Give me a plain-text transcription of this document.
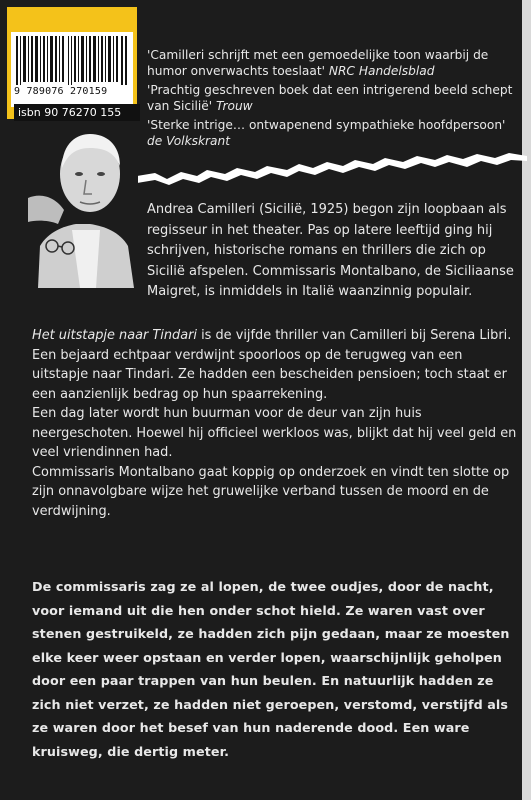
9 789076 270159
isbn 90 76270 155
'Camilleri schrijft met een gemoedelijke toon waarbij de humor onverwachts toeslaat' NRC Handelsblad
'Prachtig geschreven boek dat een intrigerend beeld schept van Sicilië' Trouw
'Sterke intrige… ontwapenend sympathieke hoofdpersoon' de Volkskrant
Andrea Camilleri (Sicilië, 1925) begon zijn loopbaan als regisseur in het theater. Pas op latere leeftijd ging hij schrijven, historische romans en thrillers die zich op Sicilië afspelen. Commissaris Montalbano, de Siciliaanse Maigret, is inmiddels in Italië waanzinnig populair.

Het uitstapje naar Tindari is de vijfde thriller van Camilleri bij Serena Libri.

Een bejaard echtpaar verdwijnt spoorloos op de terugweg van een uitstapje naar Tindari. Ze hadden een bescheiden pensioen; toch staat er een aanzienlijk bedrag op hun spaarrekening.

Een dag later wordt hun buurman voor de deur van zijn huis neergeschoten. Hoewel hij officieel werkloos was, blijkt dat hij veel geld en veel vriendinnen had.

Commissaris Montalbano gaat koppig op onderzoek en vindt ten slotte op zijn onnavolgbare wijze het gruwelijke verband tussen de moord en de verdwijning.

De commissaris zag ze al lopen, de twee oudjes, door de nacht, voor iemand uit die hen onder schot hield. Ze waren vast over stenen gestruikeld, ze hadden zich pijn gedaan, maar ze moesten elke keer weer opstaan en verder lopen, waarschijnlijk geholpen door een paar trappen van hun beulen. En natuurlijk hadden ze zich niet verzet, ze hadden niet geroepen, verstomd, verstijfd als ze waren door het besef van hun naderende dood. Een ware kruisweg, die dertig meter.
